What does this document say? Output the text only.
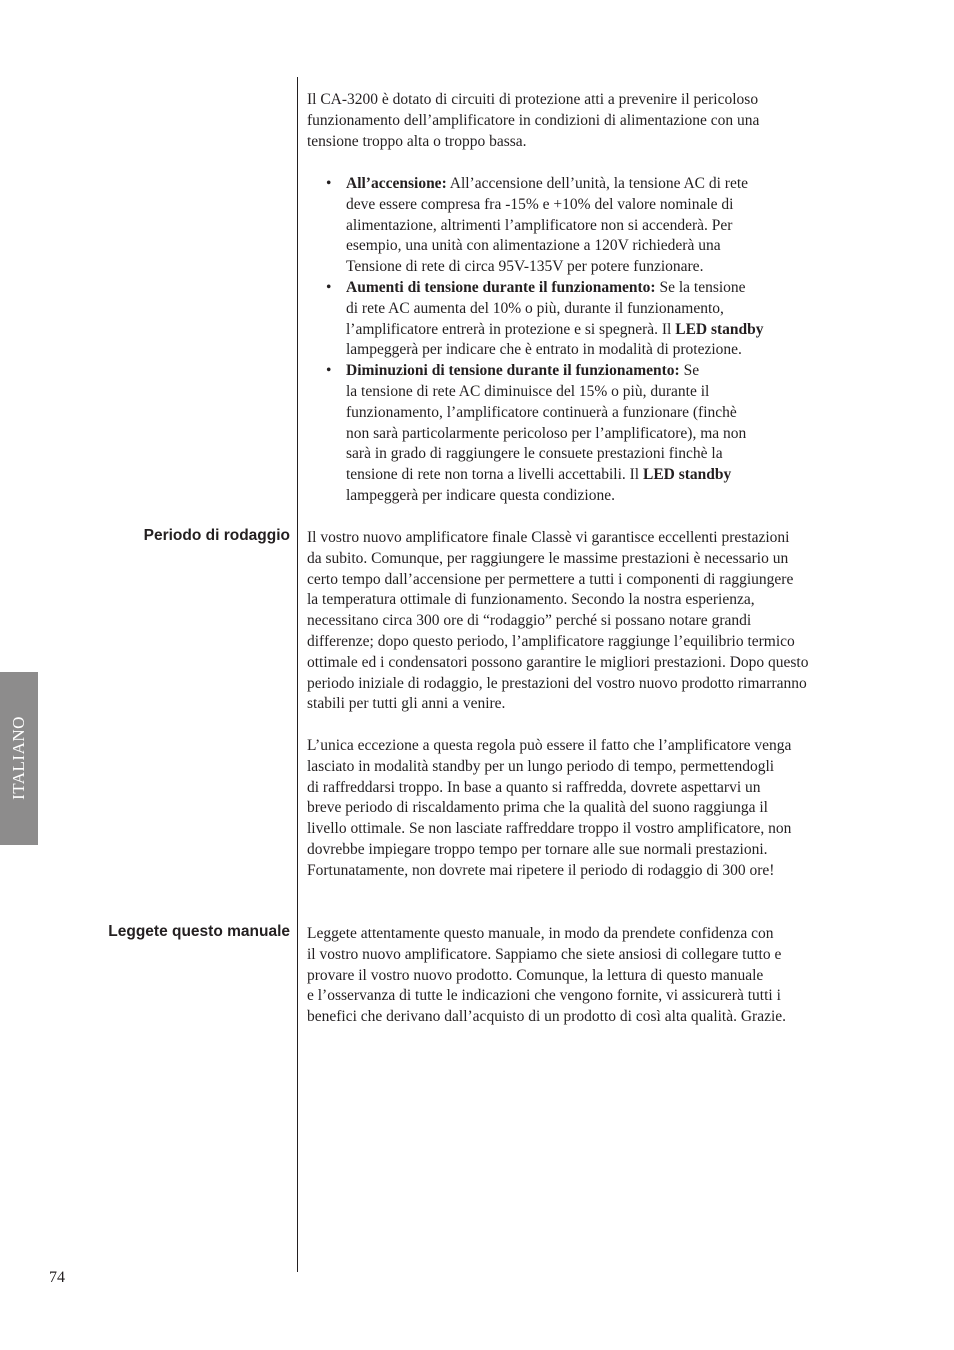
ITALIANO

Il CA-3200 è dotato di circuiti di protezione atti a prevenire il pericoloso
funzionamento dell’amplificatore in condizioni di alimentazione con una
tensione troppo alta o troppo bassa.

• All’accensione: All’accensione dell’unità, la tensione AC di rete
deve essere compresa fra -15% e +10% del valore nominale di
alimentazione, altrimenti l’amplificatore non si accenderà. Per
esempio, una unità con alimentazione a 120V richiederà una
Tensione di rete di circa 95V-135V per potere funzionare.
• Aumenti di tensione durante il funzionamento: Se la tensione
di rete AC aumenta del 10% o più, durante il funzionamento,
l’amplificatore entrerà in protezione e si spegnerà. Il LED standby
lampeggerà per indicare che è entrato in modalità di protezione.
• Diminuzioni di tensione durante il funzionamento: Se
la tensione di rete AC diminuisce del 15% o più, durante il
funzionamento, l’amplificatore continuerà a funzionare (finchè
non sarà particolarmente pericoloso per l’amplificatore), ma non
sarà in grado di raggiungere le consuete prestazioni finchè la
tensione di rete non torna a livelli accettabili. Il LED standby
lampeggerà per indicare questa condizione.
Periodo di rodaggio Il vostro nuovo amplificatore finale Classè vi garantisce eccellenti prestazioni
da subito. Comunque, per raggiungere le massime prestazioni è necessario un
certo tempo dall’accensione per permettere a tutti i componenti di raggiungere
la temperatura ottimale di funzionamento. Secondo la nostra esperienza,
necessitano circa 300 ore di “rodaggio” perché si possano notare grandi
differenze; dopo questo periodo, l’amplificatore raggiunge l’equilibrio termico
ottimale ed i condensatori possono garantire le migliori prestazioni. Dopo questo
periodo iniziale di rodaggio, le prestazioni del vostro nuovo prodotto rimarranno
stabili per tutti gli anni a venire.

L’unica eccezione a questa regola può essere il fatto che l’amplificatore venga
lasciato in modalità standby per un lungo periodo di tempo, permettendogli
di raffreddarsi troppo. In base a quanto si raffredda, dovrete aspettarvi un
breve periodo di riscaldamento prima che la qualità del suono raggiunga il
livello ottimale. Se non lasciate raffreddare troppo il vostro amplificatore, non
dovrebbe impiegare troppo tempo per tornare alle sue normali prestazioni.
Fortunatamente, non dovrete mai ripetere il periodo di rodaggio di 300 ore!

Leggete questo manuale Leggete attentamente questo manuale, in modo da prendete confidenza con
il vostro nuovo amplificatore. Sappiamo che siete ansiosi di collegare tutto e
provare il vostro nuovo prodotto. Comunque, la lettura di questo manuale
e l’osservanza di tutte le indicazioni che vengono fornite, vi assicurerà tutti i
benefici che derivano dall’acquisto di un prodotto di così alta qualità. Grazie.

74
